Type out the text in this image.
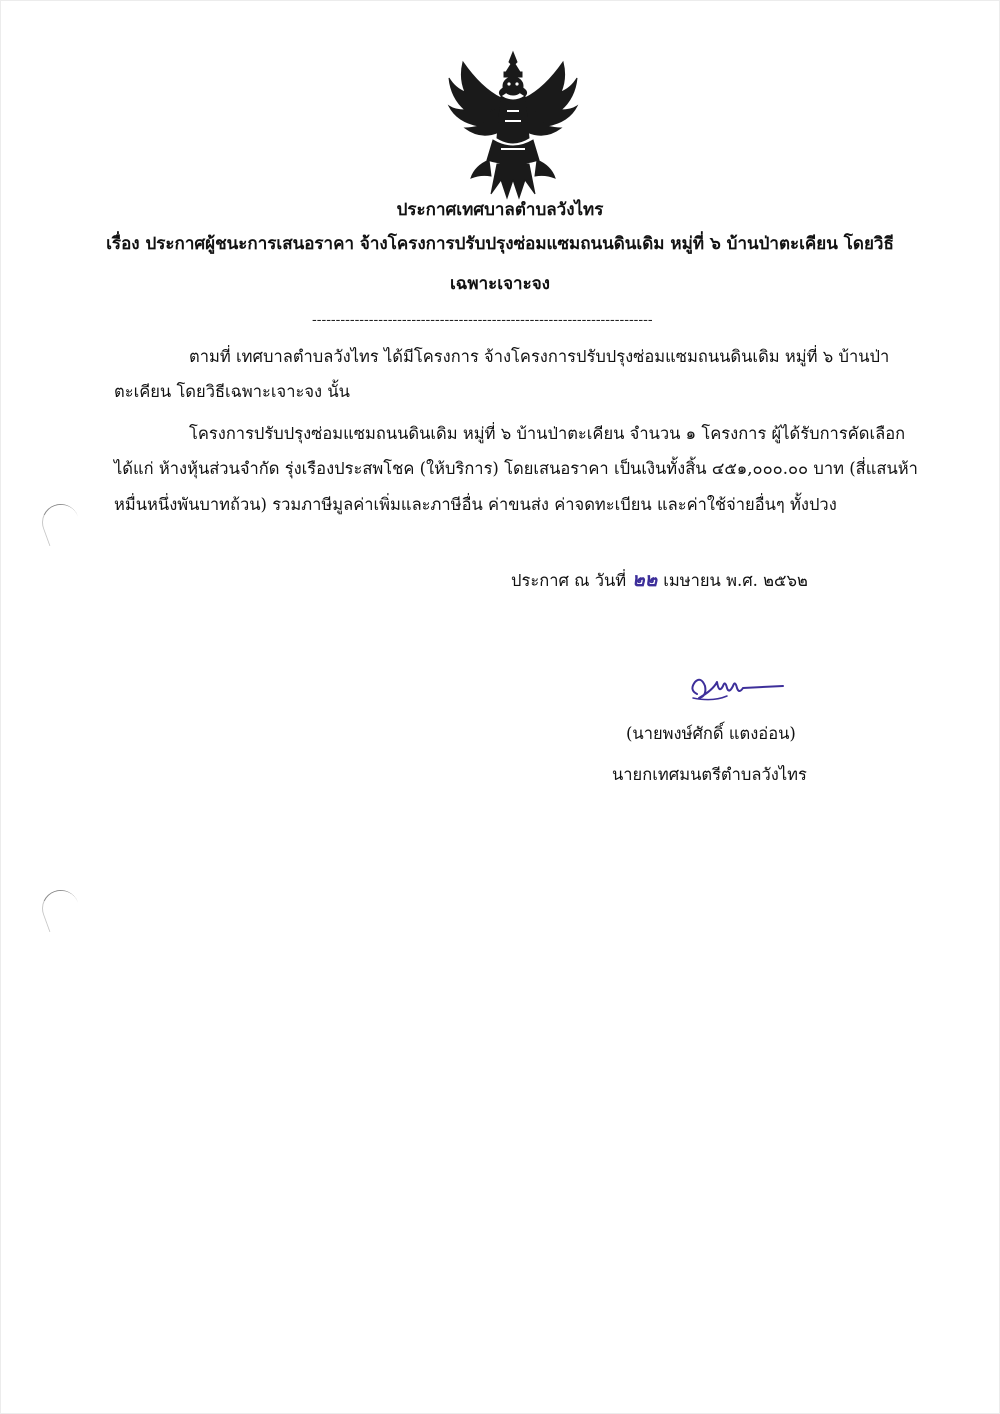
ประกาศเทศบาลตำบลวังไทร
เรื่อง ประกาศผู้ชนะการเสนอราคา จ้างโครงการปรับปรุงซ่อมแซมถนนดินเดิม หมู่ที่ ๖ บ้านป่าตะเคียน โดยวิธี
เฉพาะเจาะจง
------------------------------------------------------------------------

ตามที่ เทศบาลตำบลวังไทร ได้มีโครงการ จ้างโครงการปรับปรุงซ่อมแซมถนนดินเดิม หมู่ที่ ๖ บ้านป่า

ตะเคียน โดยวิธีเฉพาะเจาะจง นั้น

โครงการปรับปรุงซ่อมแซมถนนดินเดิม หมู่ที่ ๖ บ้านป่าตะเคียน จำนวน ๑ โครงการ ผู้ได้รับการคัดเลือก

ได้แก่ ห้างหุ้นส่วนจำกัด รุ่งเรืองประสพโชค (ให้บริการ) โดยเสนอราคา เป็นเงินทั้งสิ้น ๔๕๑,๐๐๐.๐๐ บาท (สี่แสนห้า

หมื่นหนึ่งพันบาทถ้วน) รวมภาษีมูลค่าเพิ่มและภาษีอื่น ค่าขนส่ง ค่าจดทะเบียน และค่าใช้จ่ายอื่นๆ ทั้งปวง

ประกาศ ณ วันที่ ๒๒ เมษายน พ.ศ. ๒๕๖๒
(นายพงษ์ศักดิ์ แตงอ่อน)
นายกเทศมนตรีตำบลวังไทร
